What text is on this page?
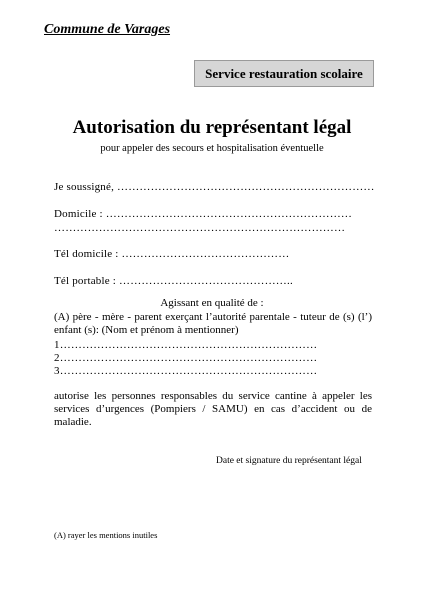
Commune de Varages
Service restauration scolaire
Autorisation du représentant légal
pour appeler des secours et hospitalisation éventuelle
Je soussigné, ……………………………………………………………
Domicile : …………………………………………………………
……………………………………………………………………
Tél domicile : ………………………………………
Tél portable : ………………………………………..
Agissant en qualité de :
(A) père - mère - parent exerçant l’autorité parentale - tuteur de (s) (l’) enfant (s): (Nom et prénom à mentionner)
1……………………………………………………………
2……………………………………………………………
3……………………………………………………………
autorise les personnes responsables du service cantine à appeler les services d’urgences (Pompiers / SAMU) en cas d’accident ou de maladie.
Date et signature du représentant légal
(A) rayer les mentions inutiles
